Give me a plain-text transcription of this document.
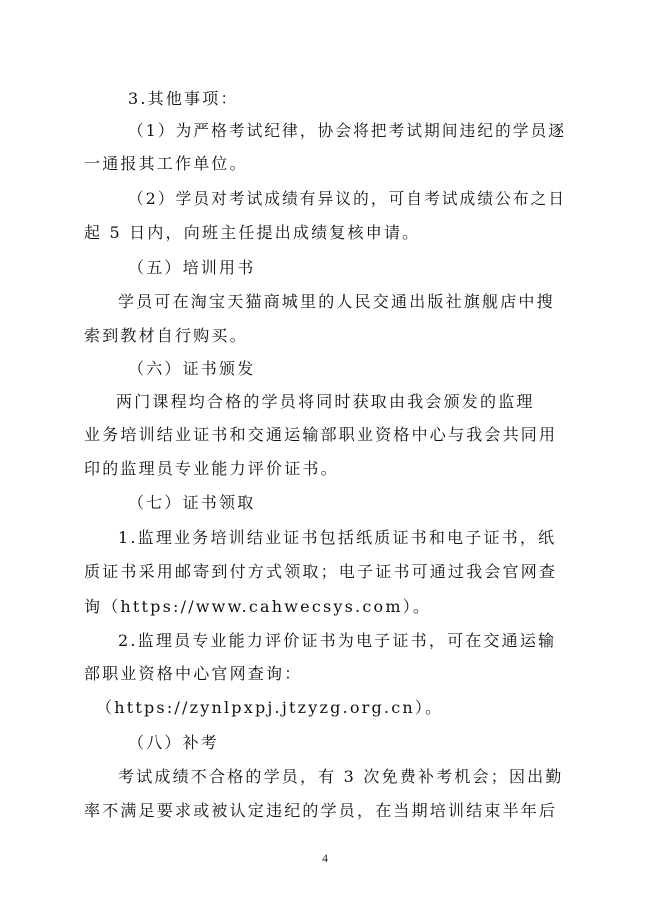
3.其他事项：
（1）为严格考试纪律，协会将把考试期间违纪的学员逐
一通报其工作单位。
（2）学员对考试成绩有异议的，可自考试成绩公布之日
起 5 日内，向班主任提出成绩复核申请。
（五）培训用书
学员可在淘宝天猫商城里的人民交通出版社旗舰店中搜
索到教材自行购买。
（六）证书颁发
两门课程均合格的学员将同时获取由我会颁发的监理
业务培训结业证书和交通运输部职业资格中心与我会共同用
印的监理员专业能力评价证书。
（七）证书领取
1.监理业务培训结业证书包括纸质证书和电子证书，纸
质证书采用邮寄到付方式领取；电子证书可通过我会官网查
询（https://www.cahwecsys.com）。
2.监理员专业能力评价证书为电子证书，可在交通运输
部职业资格中心官网查询：
（https://zynlpxpj.jtzyzg.org.cn）。
（八）补考
考试成绩不合格的学员，有 3 次免费补考机会；因出勤
率不满足要求或被认定违纪的学员，在当期培训结束半年后
4
